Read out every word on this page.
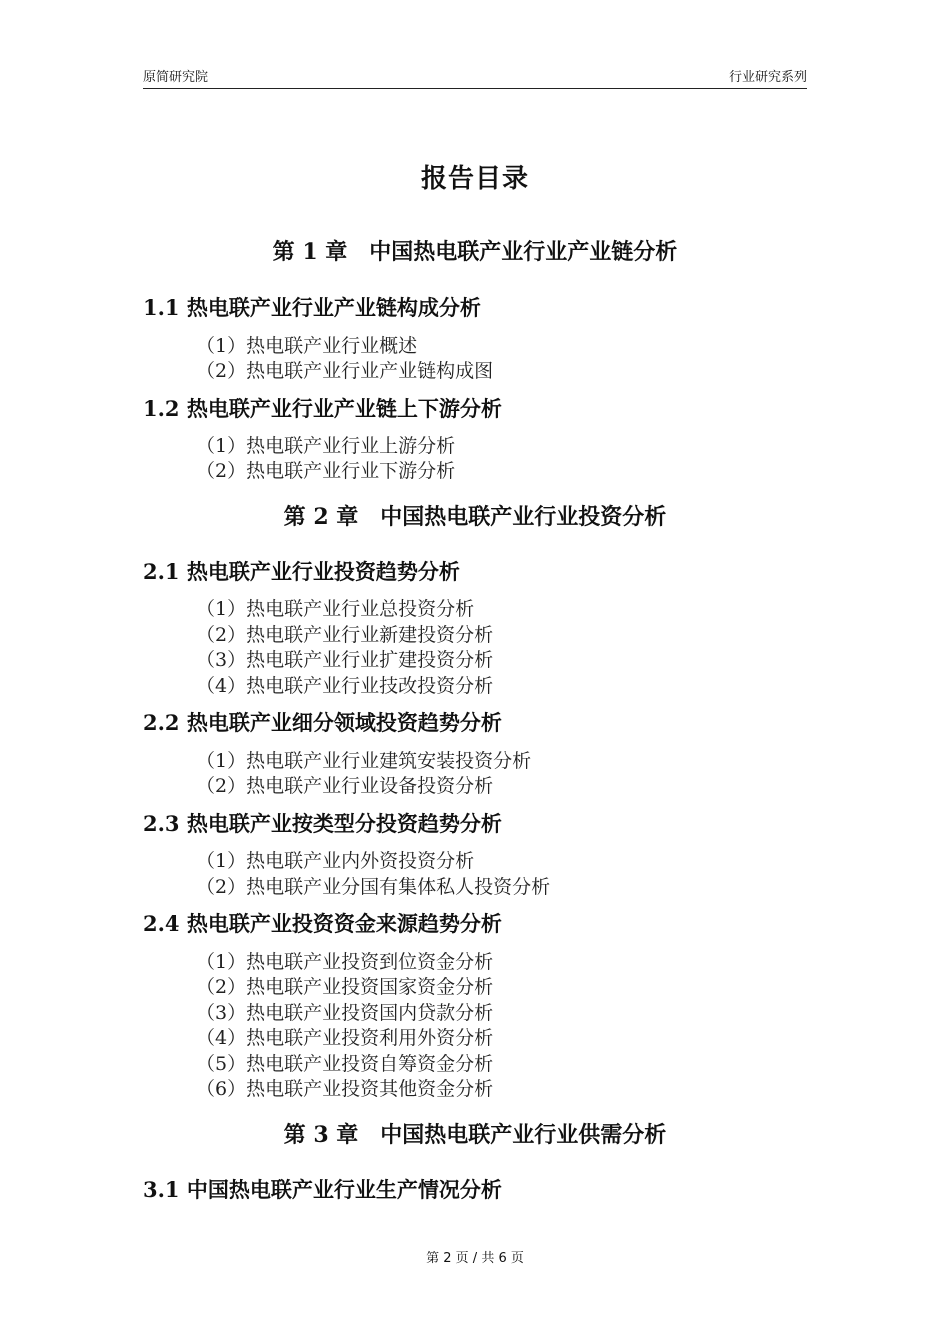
原简研究院	行业研究系列
报告目录
第 1 章　中国热电联产业行业产业链分析
1.1 热电联产业行业产业链构成分析
（1）热电联产业行业概述
（2）热电联产业行业产业链构成图
1.2 热电联产业行业产业链上下游分析
（1）热电联产业行业上游分析
（2）热电联产业行业下游分析
第 2 章　中国热电联产业行业投资分析
2.1 热电联产业行业投资趋势分析
（1）热电联产业行业总投资分析
（2）热电联产业行业新建投资分析
（3）热电联产业行业扩建投资分析
（4）热电联产业行业技改投资分析
2.2 热电联产业细分领域投资趋势分析
（1）热电联产业行业建筑安装投资分析
（2）热电联产业行业设备投资分析
2.3 热电联产业按类型分投资趋势分析
（1）热电联产业内外资投资分析
（2）热电联产业分国有集体私人投资分析
2.4 热电联产业投资资金来源趋势分析
（1）热电联产业投资到位资金分析
（2）热电联产业投资国家资金分析
（3）热电联产业投资国内贷款分析
（4）热电联产业投资利用外资分析
（5）热电联产业投资自筹资金分析
（6）热电联产业投资其他资金分析
第 3 章　中国热电联产业行业供需分析
3.1 中国热电联产业行业生产情况分析
第 2 页 / 共 6 页
